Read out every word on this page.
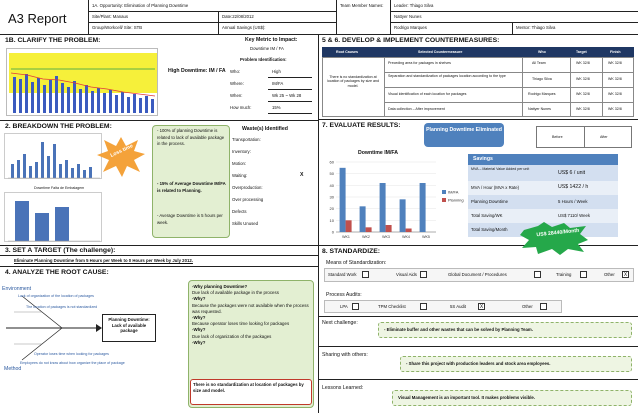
A3 Report
1A. Opportunity: Elimination of Planning Downtime
Site/Plant: Manaus	Date:22/08/2012
Group/Workcell/ Site: STB	Annual Savings (US$):
Team Member Names:	Leader: Thiago Silva
Nattyer Nunes
Rodrigo Marques	Mentor: Thiago Silva
1B. CLARIFY THE PROBLEM:
High Downtime: IM / FA
Key Metric to Impact:
Downtime IM / FA
Problem Identification:
Who:	High
Where:	IM/FA
When:	Wk 25 ~ Wk 28
How much:	15%
5 & 6. DEVELOP & IMPLEMENT COUNTERMEASURES:
Root Causes	Selected Countermeasure	Who	Target	Finish
There is no standardization at location of packages by size and model.
Preceding area for packages in shelves	All Team	WK 32/8	WK 32/8
Separation and standardization of packages location according to the type
Thiago Silva	WK 32/8	WK 32/8
Visual identification of each location for packages	Rodrigo Marques	WK 32/8	WK 32/8
Data collection – After improvement	Nattyer Nunes	WK 32/8	WK 32/8
2. BREAKDOWN THE PROBLEM:
Downtime Falta de Embalagem
Loss time
- 100% of planning Downtime is related to lack of available package in the process.
- 15% of Average Downtime IM/FA is related to Planning.
- Average Downtime is 5 hours per week.
Waste(s) Identified
Transportation:
Inventory:
Motion:
Waiting:	X
Overproduction:
Over processing
Defects
Skills Unused
7. EVALUATE RESULTS:
Planning Downtime Eliminated
Before	After
Downtime IM/FA
0
10
20
30
40
50
60
WK1	WK2	WK3	WK4	WK5
IM/FA
Planning
Savings
MVA – Material Value Added per unit
US$ 6 / unit
MVA / Hour (MVA x Rate)	US$ 1422 / h
Planning Downtime	5 Hours / Week
Total Saving/WK	US$ 7110/ Week
Total Saving/Month	US$ 28440/Month
3. SET A TARGET (The challenge):
Eliminate Planning Downtime from 5 Hours per Week to 0 Hours per Week by July 2012.
8. STANDARDIZE:
Means of Standardization:
Standard Work	Visual Aids	Global Document / Procedures	Training	Other	X
Process Audits:
LPA	TPM Checklist	5S Audit	X	Other
4. ANALYZE THE ROOT CAUSE:
Environment
Method
Lack of organization of the location of packages
The location of packages is not standardized
Operator loses time when looking for packages
Employees do not know about how organize the place of package
Planning Downtime: Lack of available package
-Why planning Downtime?
Due lack of available package in the process
-Why?
Because the packages were not available when the process was requested.
-Why?
Because operator loses time looking for packages
-Why?
Due lack of organization of the packages
-Why?
There is no standardization at location of packages by size and model.
Next challenge:
- Eliminate buffer and other wastes that can be solved by Planning Team.
Sharing with others:
- Share this project with production leaders and stock area employees.
Lessons Learned:
Visual Management is an important tool. It makes problems visible.
